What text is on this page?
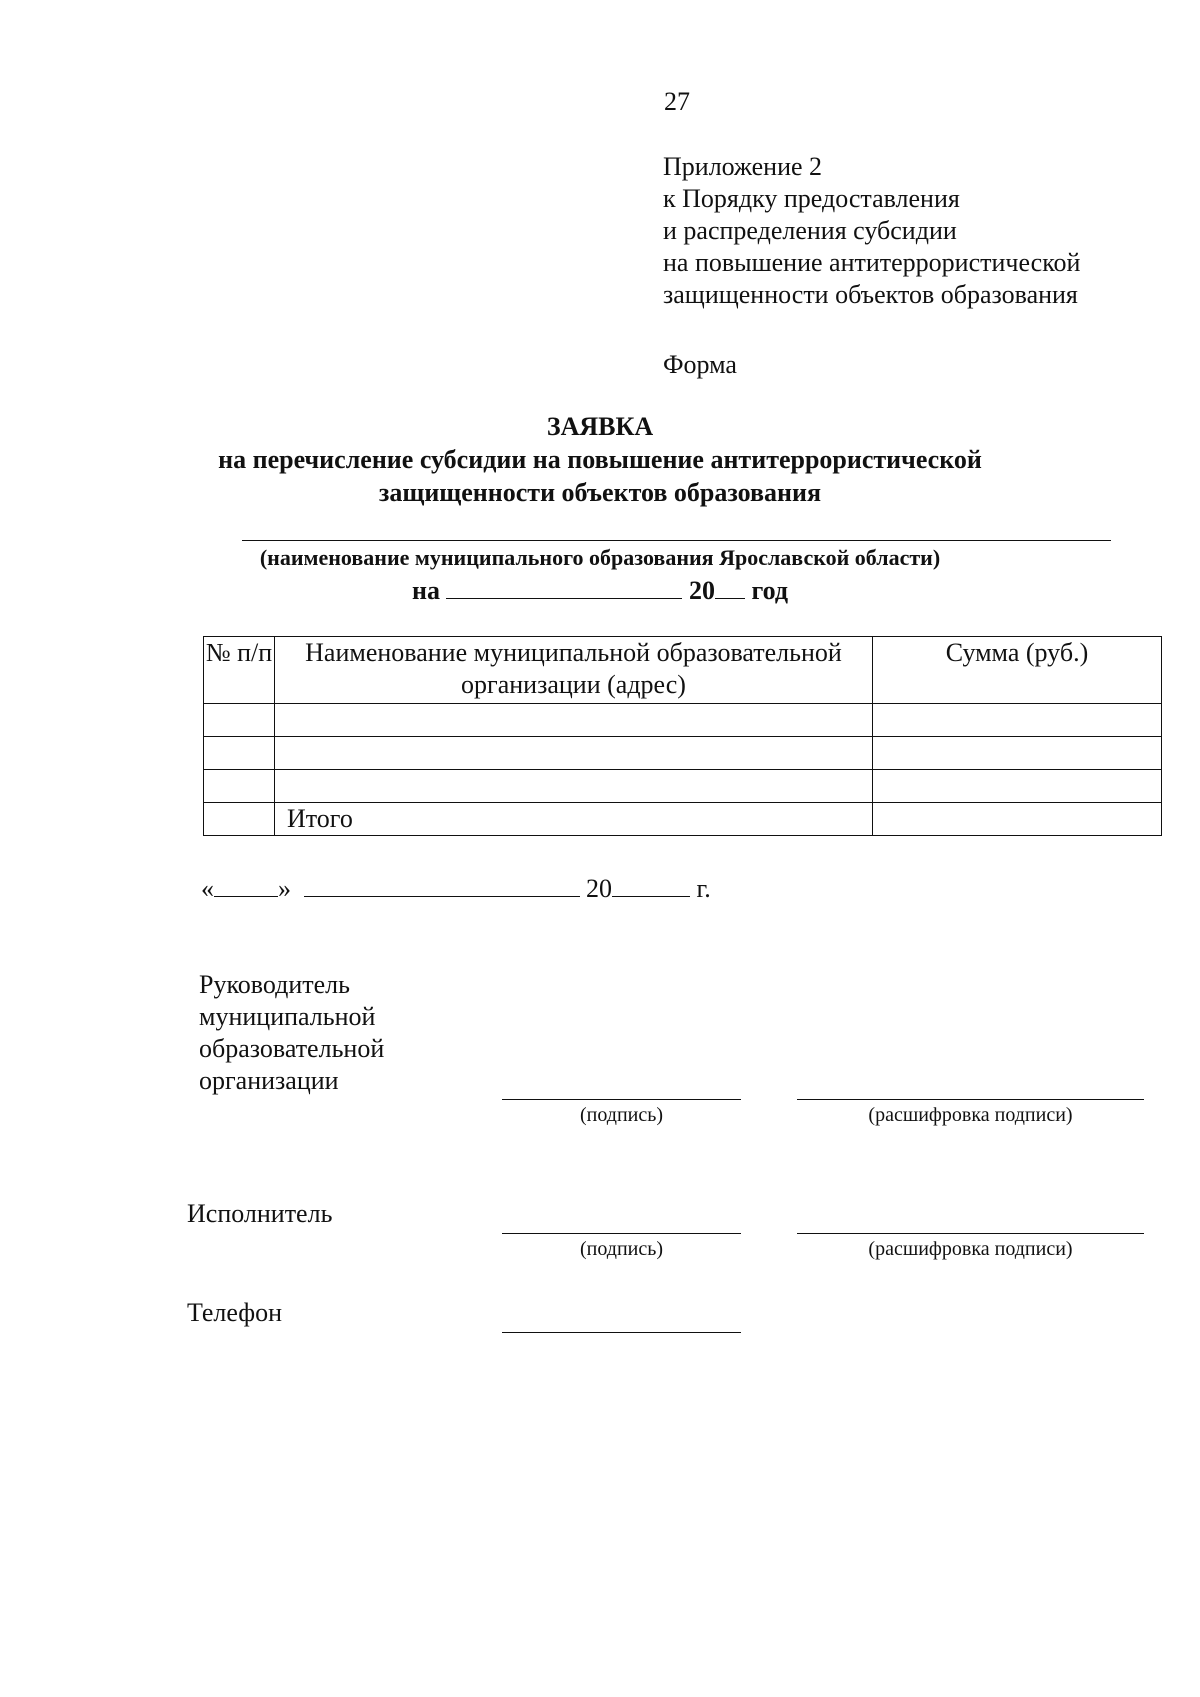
27
Приложение 2
к Порядку предоставления
и распределения субсидии
на повышение антитеррористической
защищенности объектов образования
Форма
ЗАЯВКА
на перечисление субсидии на повышение антитеррористической
защищенности объектов образования
(наименование муниципального образования Ярославской области)
на	20 год
№ п/п	Наименование муниципальной образовательной организации (адрес)	Сумма (руб.)

	Итого	
« »	20	г.
Руководитель
муниципальной
образовательной
организации
(подпись)	(расшифровка подписи)
Исполнитель
(подпись)	(расшифровка подписи)
Телефон
